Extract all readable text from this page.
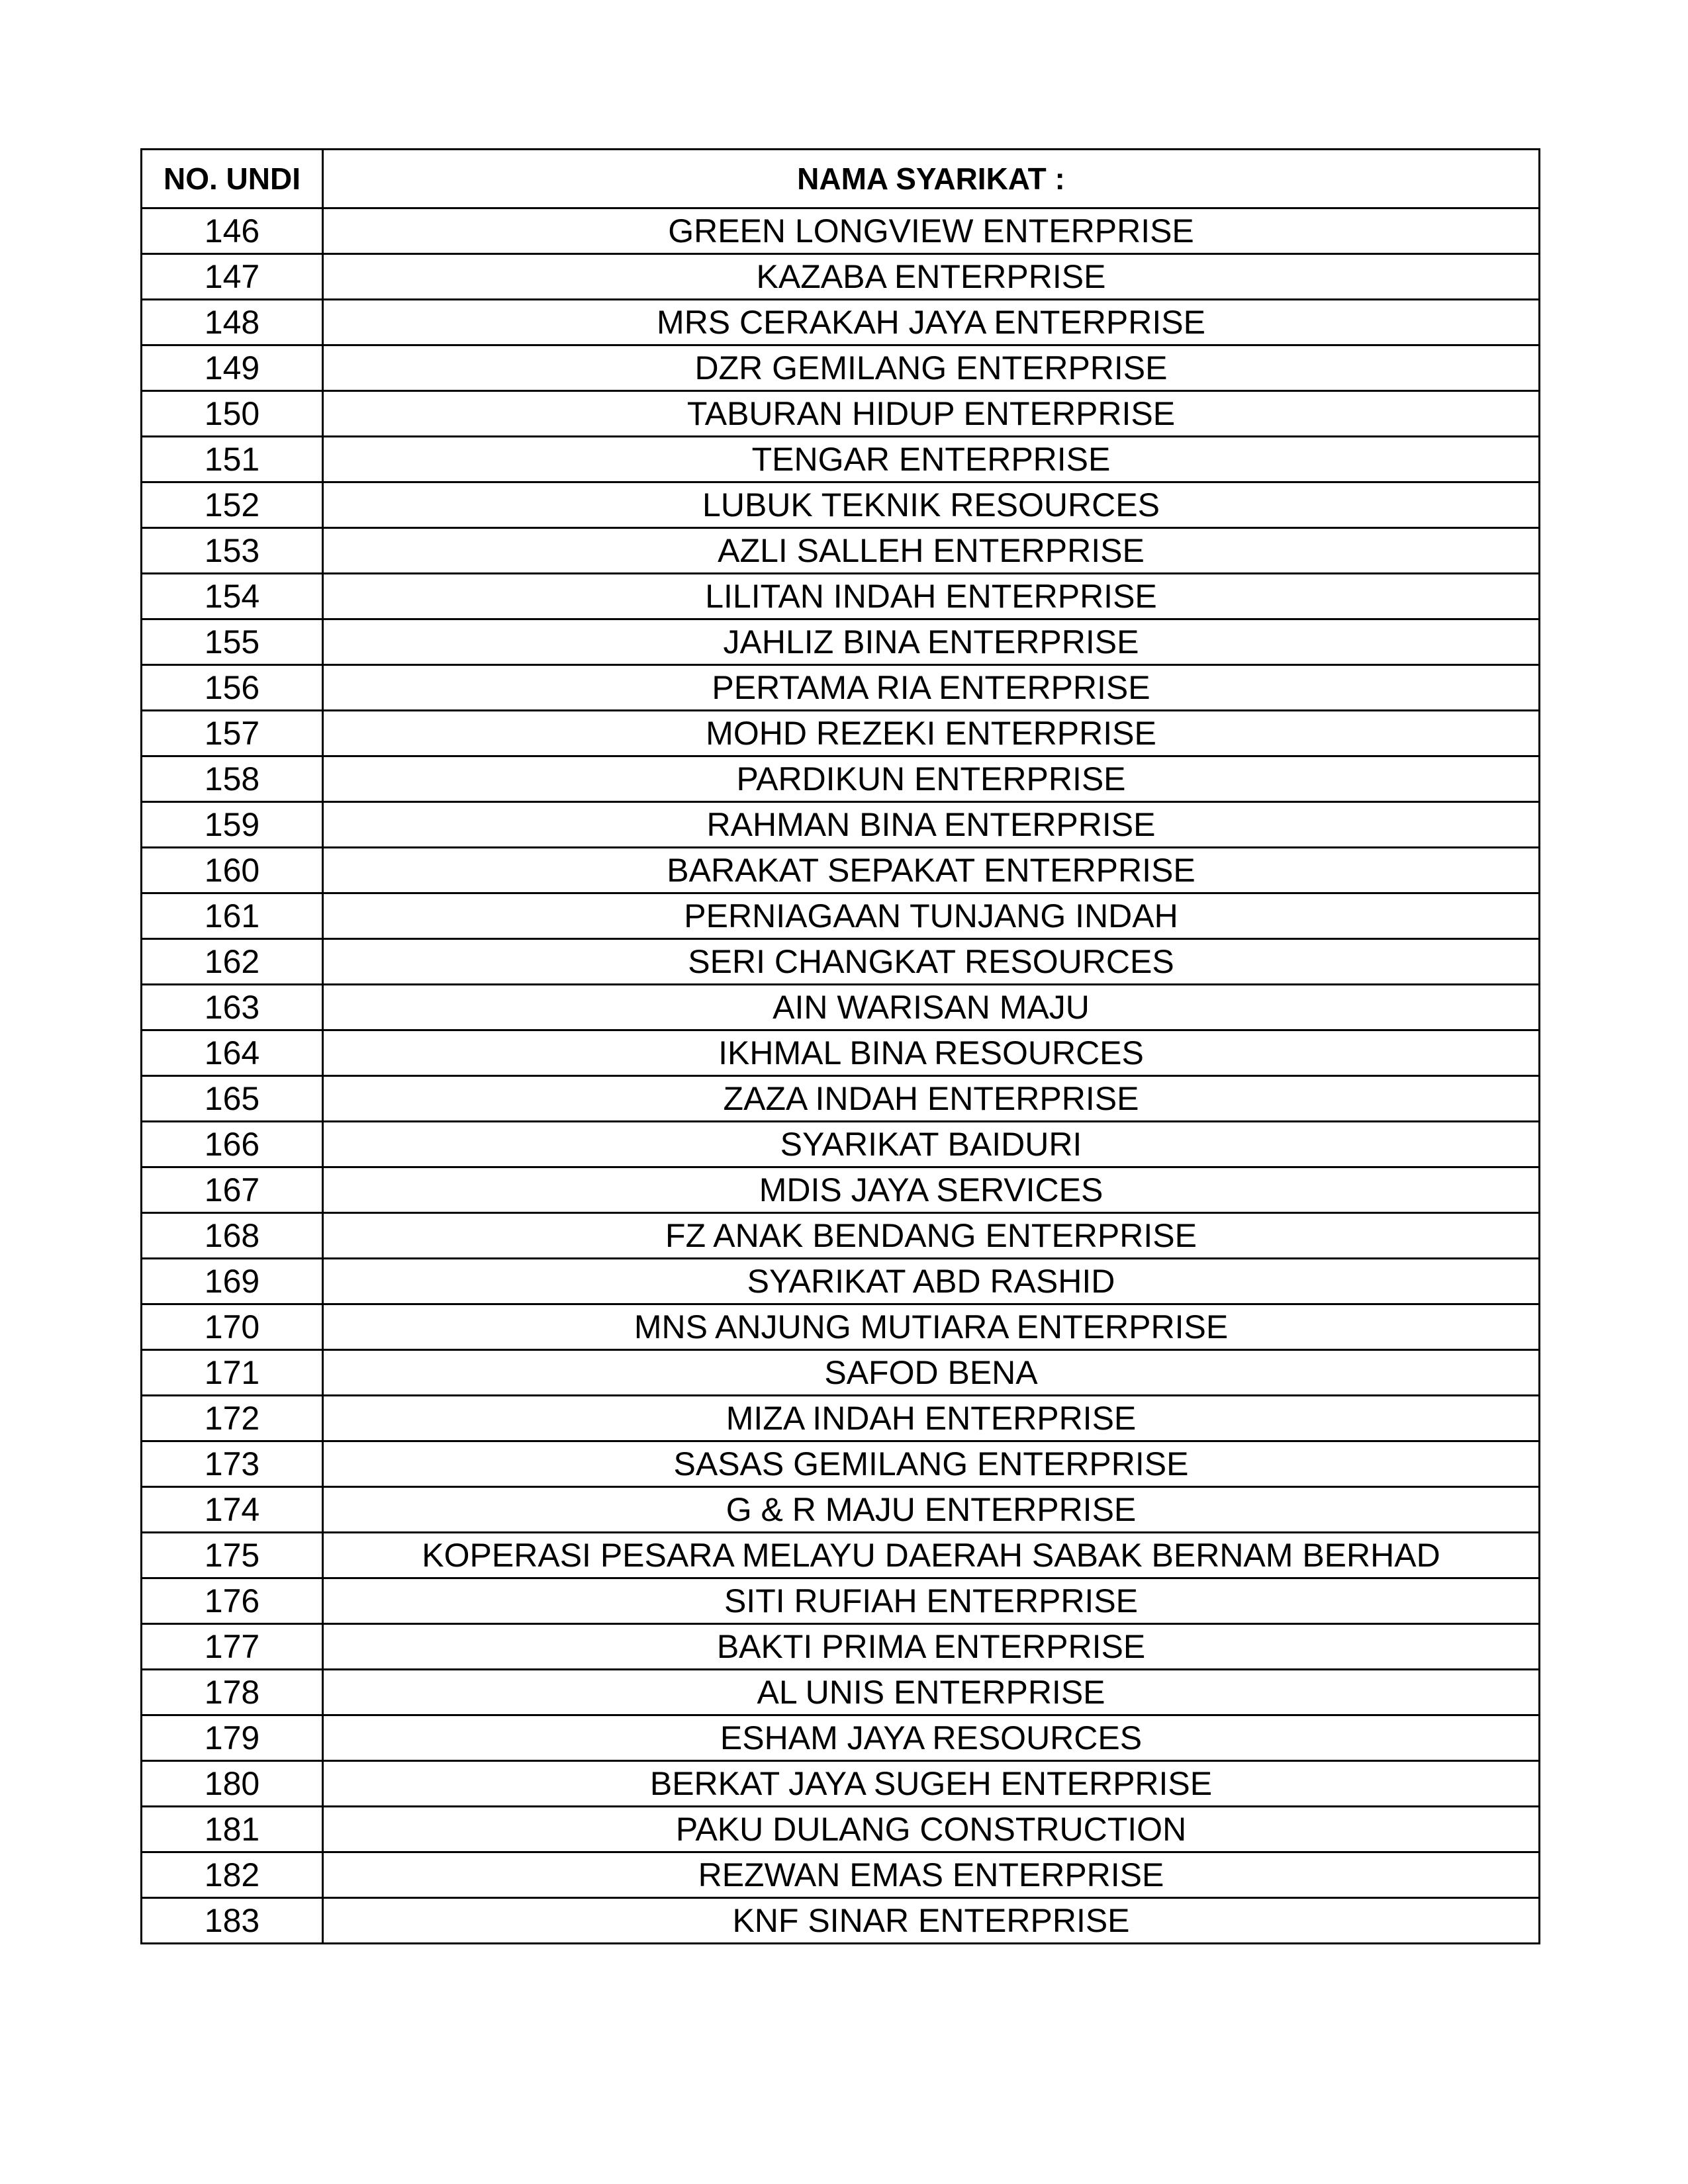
NO. UNDI	NAMA SYARIKAT :
146	GREEN LONGVIEW ENTERPRISE
147	KAZABA ENTERPRISE
148	MRS CERAKAH JAYA ENTERPRISE
149	DZR GEMILANG ENTERPRISE
150	TABURAN HIDUP ENTERPRISE
151	TENGAR ENTERPRISE
152	LUBUK TEKNIK RESOURCES
153	AZLI SALLEH ENTERPRISE
154	LILITAN INDAH ENTERPRISE
155	JAHLIZ BINA ENTERPRISE
156	PERTAMA RIA ENTERPRISE
157	MOHD REZEKI ENTERPRISE
158	PARDIKUN ENTERPRISE
159	RAHMAN BINA ENTERPRISE
160	BARAKAT SEPAKAT ENTERPRISE
161	PERNIAGAAN TUNJANG INDAH
162	SERI CHANGKAT RESOURCES
163	AIN WARISAN MAJU
164	IKHMAL BINA RESOURCES
165	ZAZA INDAH ENTERPRISE
166	SYARIKAT BAIDURI
167	MDIS JAYA SERVICES
168	FZ ANAK BENDANG ENTERPRISE
169	SYARIKAT ABD RASHID
170	MNS ANJUNG MUTIARA ENTERPRISE
171	SAFOD BENA
172	MIZA INDAH ENTERPRISE
173	SASAS GEMILANG ENTERPRISE
174	G & R MAJU ENTERPRISE
175	KOPERASI PESARA MELAYU DAERAH SABAK BERNAM BERHAD
176	SITI RUFIAH ENTERPRISE
177	BAKTI PRIMA ENTERPRISE
178	AL UNIS ENTERPRISE
179	ESHAM JAYA RESOURCES
180	BERKAT JAYA SUGEH ENTERPRISE
181	PAKU DULANG CONSTRUCTION
182	REZWAN EMAS ENTERPRISE
183	KNF SINAR ENTERPRISE
